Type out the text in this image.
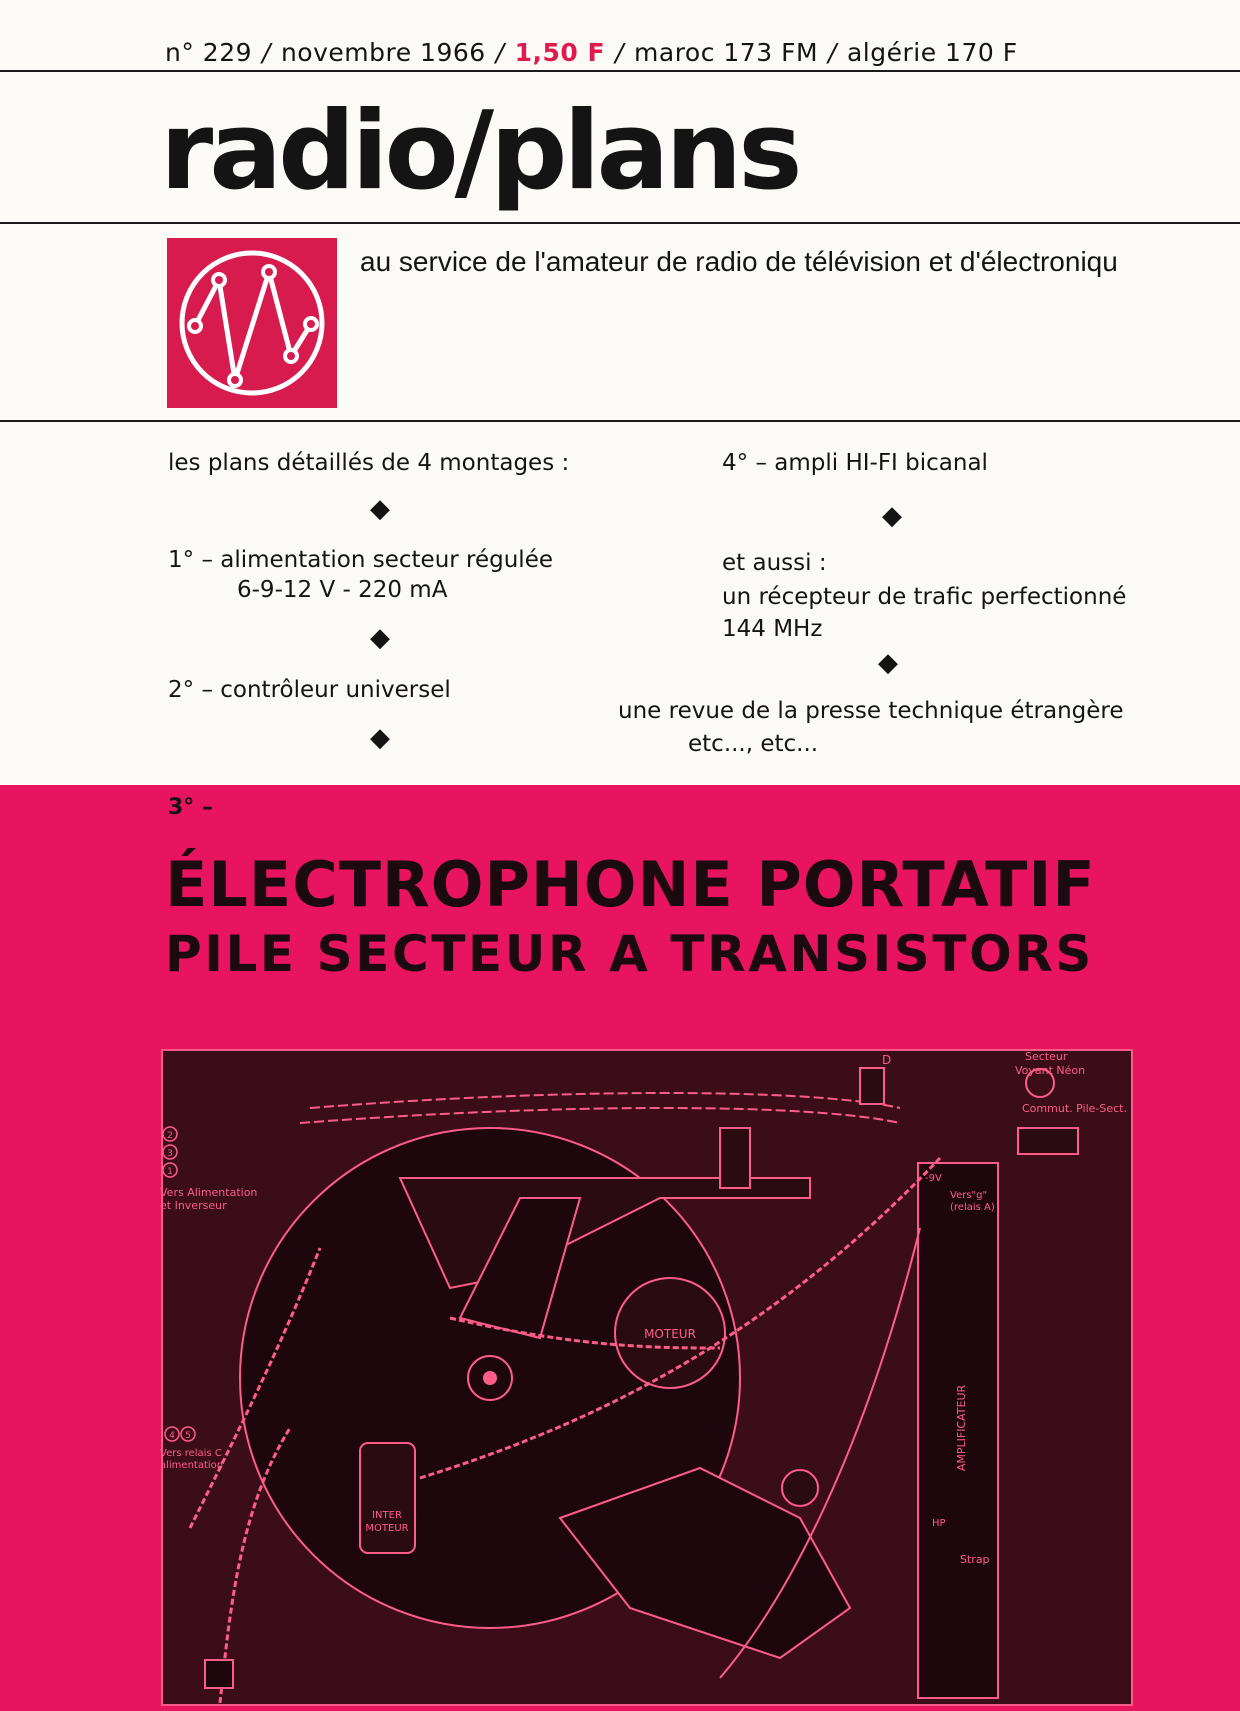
n° 229 / novembre 1966 / 1,50 F / maroc 173 FM / algérie 170 F
radio/plans
au service de l'amateur de radio de télévision et d'électroniqu
les plans détaillés de 4 montages :
◆
1° – alimentation secteur régulée
6-9-12 V - 220 mA
◆
2° – contrôleur universel
◆
4° – ampli HI-FI bicanal
◆
et aussi :
un récepteur de trafic perfectionné
144 MHz
◆
une revue de la presse technique étrangère
etc..., etc...
3° –
ÉLECTROPHONE PORTATIF
PILE SECTEUR A TRANSISTORS
MOTEUR
AMPLIFICATEUR
INTER
MOTEUR
Secteur
Voyant Néon
Commut. Pile-Sect.
D
-9V
Vers"g"
(relais A)
Vers Alimentation
et Inverseur
2
3
1
4 5
Vers relais C
alimentation
HP
Strap
